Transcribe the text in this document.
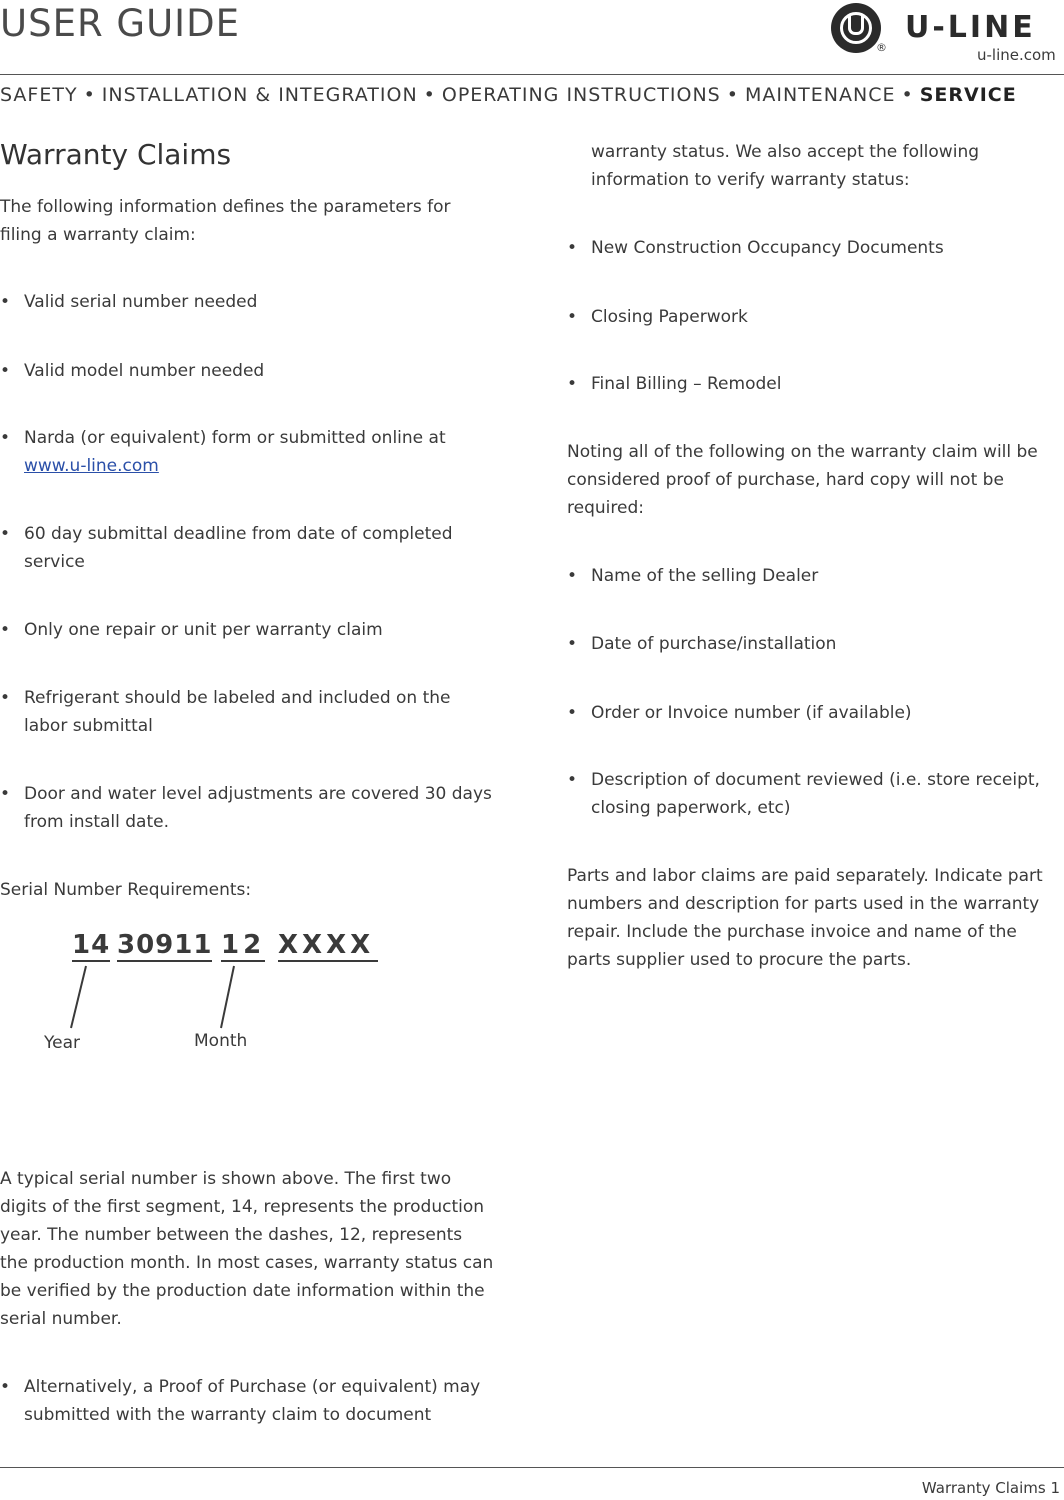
USER GUIDE
®
U-LINE
u-line.com
SAFETY • INSTALLATION & INTEGRATION • OPERATING INSTRUCTIONS • MAINTENANCE • SERVICE
Warranty Claims
The following information defines the parameters for filing a warranty claim:
• Valid serial number needed
• Valid model number needed
• Narda (or equivalent) form or submitted online at
www.u-line.com
• 60 day submittal deadline from date of completed service
• Only one repair or unit per warranty claim
• Refrigerant should be labeled and included on the labor submittal
• Door and water level adjustments are covered 30 days from install date.
Serial Number Requirements:
14 30911 12 XXXX
Year	Month
A typical serial number is shown above. The first two digits of the first segment, 14, represents the production year. The number between the dashes, 12, represents the production month. In most cases, warranty status can be verified by the production date information within the serial number.
• Alternatively, a Proof of Purchase (or equivalent) may submitted with the warranty claim to document
warranty status. We also accept the following information to verify warranty status:
• New Construction Occupancy Documents
• Closing Paperwork
• Final Billing – Remodel
Noting all of the following on the warranty claim will be considered proof of purchase, hard copy will not be required:
• Name of the selling Dealer
• Date of purchase/installation
• Order or Invoice number (if available)
• Description of document reviewed (i.e. store receipt, closing paperwork, etc)
Parts and labor claims are paid separately. Indicate part numbers and description for parts used in the warranty repair. Include the purchase invoice and name of the parts supplier used to procure the parts.
Warranty Claims 1
